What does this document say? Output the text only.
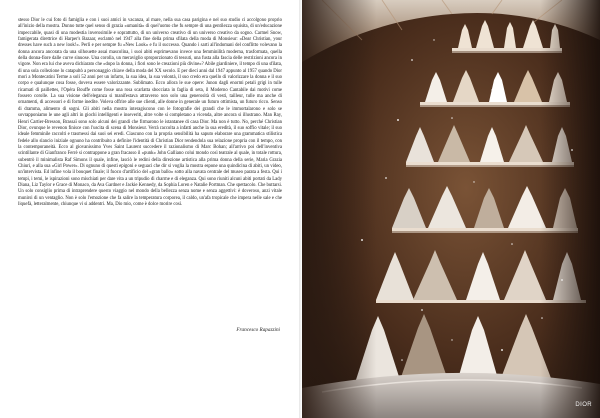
stesso Dior le cui foto di famiglia e con i suoi amici in vacanza, al mare, nella sua casa parigina e nel suo studio ci accolgono proprio all'inizio della mostra. Dunno tutte quel senso di grazia «umanità» di quel'uomo che fu sempre di una gentilezza squisita, di un'educazione impeccabile, quasi di una modestia inverosimile e soprattutto, di un universo creativo di un universo creativo da sogno. Carmel Snow, famigerata direttrice di Harper's Bazaar, esclamò nel 1947 alla fine della prima sfilata della moda di Monsieur: «Dear Christian, your dresses have such a new look!». Perlì e per sempre fu «New Look» e fu il successo. Quando i sarti all'indomani del conflitto volevano la donna ancora ancorata da una silhouette assai mascolina, i suoi abiti esprimevano invece una femminilità moderna, trasformata, quella della donna-fiore dalle curve sinuose. Una corolla, un meraviglio sproporzionato di tessuti, una fusta alla fascia delle restrizioni ancora in vigore. Non era lui che aveva dichiarato che «dopo la donna, i fiori sono le creazioni più divine»? Abile giardiniere, il tempo di una sfilata, di una sola collezione lo catapultò a personaggio chiave della moda del XX secolo. E per dieci anni dal 1947 appunto al 1957 quando Dior morì a Montecatini Terme a soli 52 anni per un infarto, la sua idea, la sua volontà, il suo credo era quello di valorizzare la donna e il suo corpo e qualunque cosa fosse, doveva essere valorizzante. Sublimato. Ecco allora le sue opere: Junon dagli enormi petali grigi in tulle ricamati di paillettes, l'Opéra Bouffe come fosse una rosa scarlatta sbocciata in faglia di seta, il Moderno Cantabile dai motivi come fossero corolle. La sua visione dell'eleganza si manifestava attraverso non solo una generosità di vesti, tailleur, tulle ma anche di ornamenti, di accessori e di forme inedite. Voleva offrire alle sue clienti, alle donne in generale un futuro ottimista, un futuro ricco. Senso di dramma, alimento di sogni. Gli abiti nella mostra interagiscono con le fotografie dei grandi che le immortalarono e solo se sovrapponiamo le une agli altri in giochi intelligenti e inseveriti, altre volte si completano a vicenda, altre ancora si illustrano. Man Ray, Henri Cartier-Bresson, Brassaï sono solo alcuni dei grandi che firmarono le istantanee di casa Dior. Ma non è tutto. No, perché Christian Dior, ovunque le revenon finisce con l'uscita di scena di Monsieur. Verrà raccolta a infatti anche la sua eredità, il suo soffio vitale; il suo ideale femminile raccolti e trasmessi dai suoi sei eredi. Ciascuno con la propria sensibilità ha saputo elaborare una grammatica stilistica fedele allo slancio iniziale ognuno ha contribuito a definire l'identità di Christian Dior rendendola sua relazione propria con il tempo, con la contemporaneità. Ecco al giovanissimo Yves Saint Laurent succedere il razionalismo di Marc Bohan; all'arrivo poi dell'inventiva scintillante di Gianfranco Ferrè si contrappone a gran fracasso il «punk» John Galliano colui mondo così teatrale al quale, in totale rottura, subentrò il minimalista Raf Simons il quale, infine, lasciò le redini della direzione artistica alla prima donna della serie, Maria Grazia Chiuri, e alla sua «Girl Power». Di ognuno di questi epigoni e seguaci che dir si voglia la mostra espone una quindicina di abiti, un video, un'intervista. Ed infine vola il bouquet finale; il fuoco d'artificio del «gran ballo» sotto alla navata centrale del museo parata a festa. Qui i tempi, i temi, le ispirazioni sono mischiati per dare vita a un tripudio di charme e di eleganza. Qui sono riuniti alcuni abiti portati da Lady Diana, Liz Taylor e Grace di Monaco, da Ava Gardner e Jackie Kennedy, da Sophia Loren e Natalie Portman. Che spettacolo. Che buttarsi. Un solo consiglio prima di intraprendere questo viaggio nel mondo della bellezza senza nome e senza aggettivi: è doveroso, anzi vitale munirsi di un ventaglio. Non è solo l'emozione che fa salire la temperatura corporea, il caldo, un'afa tropicale che impera nelle sale e che liquefà, letteralmente, chiunque vi si addentri. Ma, Dio mio, come è dolce morire così.

Francesco Rapazzini
DIOR
